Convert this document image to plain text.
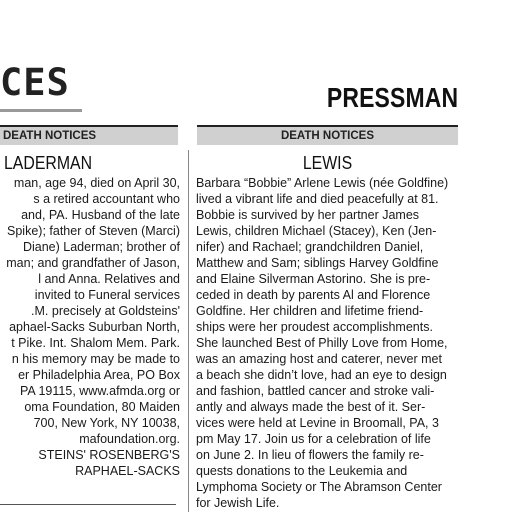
CES	PRESSMAN
DEATH NOTICES	DEATH NOTICES
LADERMAN	LEWIS
man, age 94, died on April 30,
s a retired accountant who
and, PA. Husband of the late
Spike); father of Steven (Marci)
Diane) Laderman; brother of
man; and grandfather of Jason,
l and Anna. Relatives and
invited to Funeral services
.M. precisely at Goldsteins'
aphael-Sacks Suburban North,
t Pike. Int. Shalom Mem. Park.
n his memory may be made to
er Philadelphia Area, PO Box
PA 19115, www.afmda.org or
oma Foundation, 80 Maiden
700, New York, NY 10038,
mafoundation.org.
STEINS' ROSENBERG'S
RAPHAEL-SACKS
Barbara “Bobbie” Arlene Lewis (née Goldfine)
lived a vibrant life and died peacefully at 81.
Bobbie is survived by her partner James
Lewis, children Michael (Stacey), Ken (Jen-
nifer) and Rachael; grandchildren Daniel,
Matthew and Sam; siblings Harvey Goldfine
and Elaine Silverman Astorino. She is pre-
ceded in death by parents Al and Florence
Goldfine. Her children and lifetime friend-
ships were her proudest accomplishments.
She launched Best of Philly Love from Home,
was an amazing host and caterer, never met
a beach she didn’t love, had an eye to design
and fashion, battled cancer and stroke vali-
antly and always made the best of it. Ser-
vices were held at Levine in Broomall, PA, 3
pm May 17. Join us for a celebration of life
on June 2. In lieu of flowers the family re-
quests donations to the Leukemia and
Lymphoma Society or The Abramson Center
for Jewish Life.
